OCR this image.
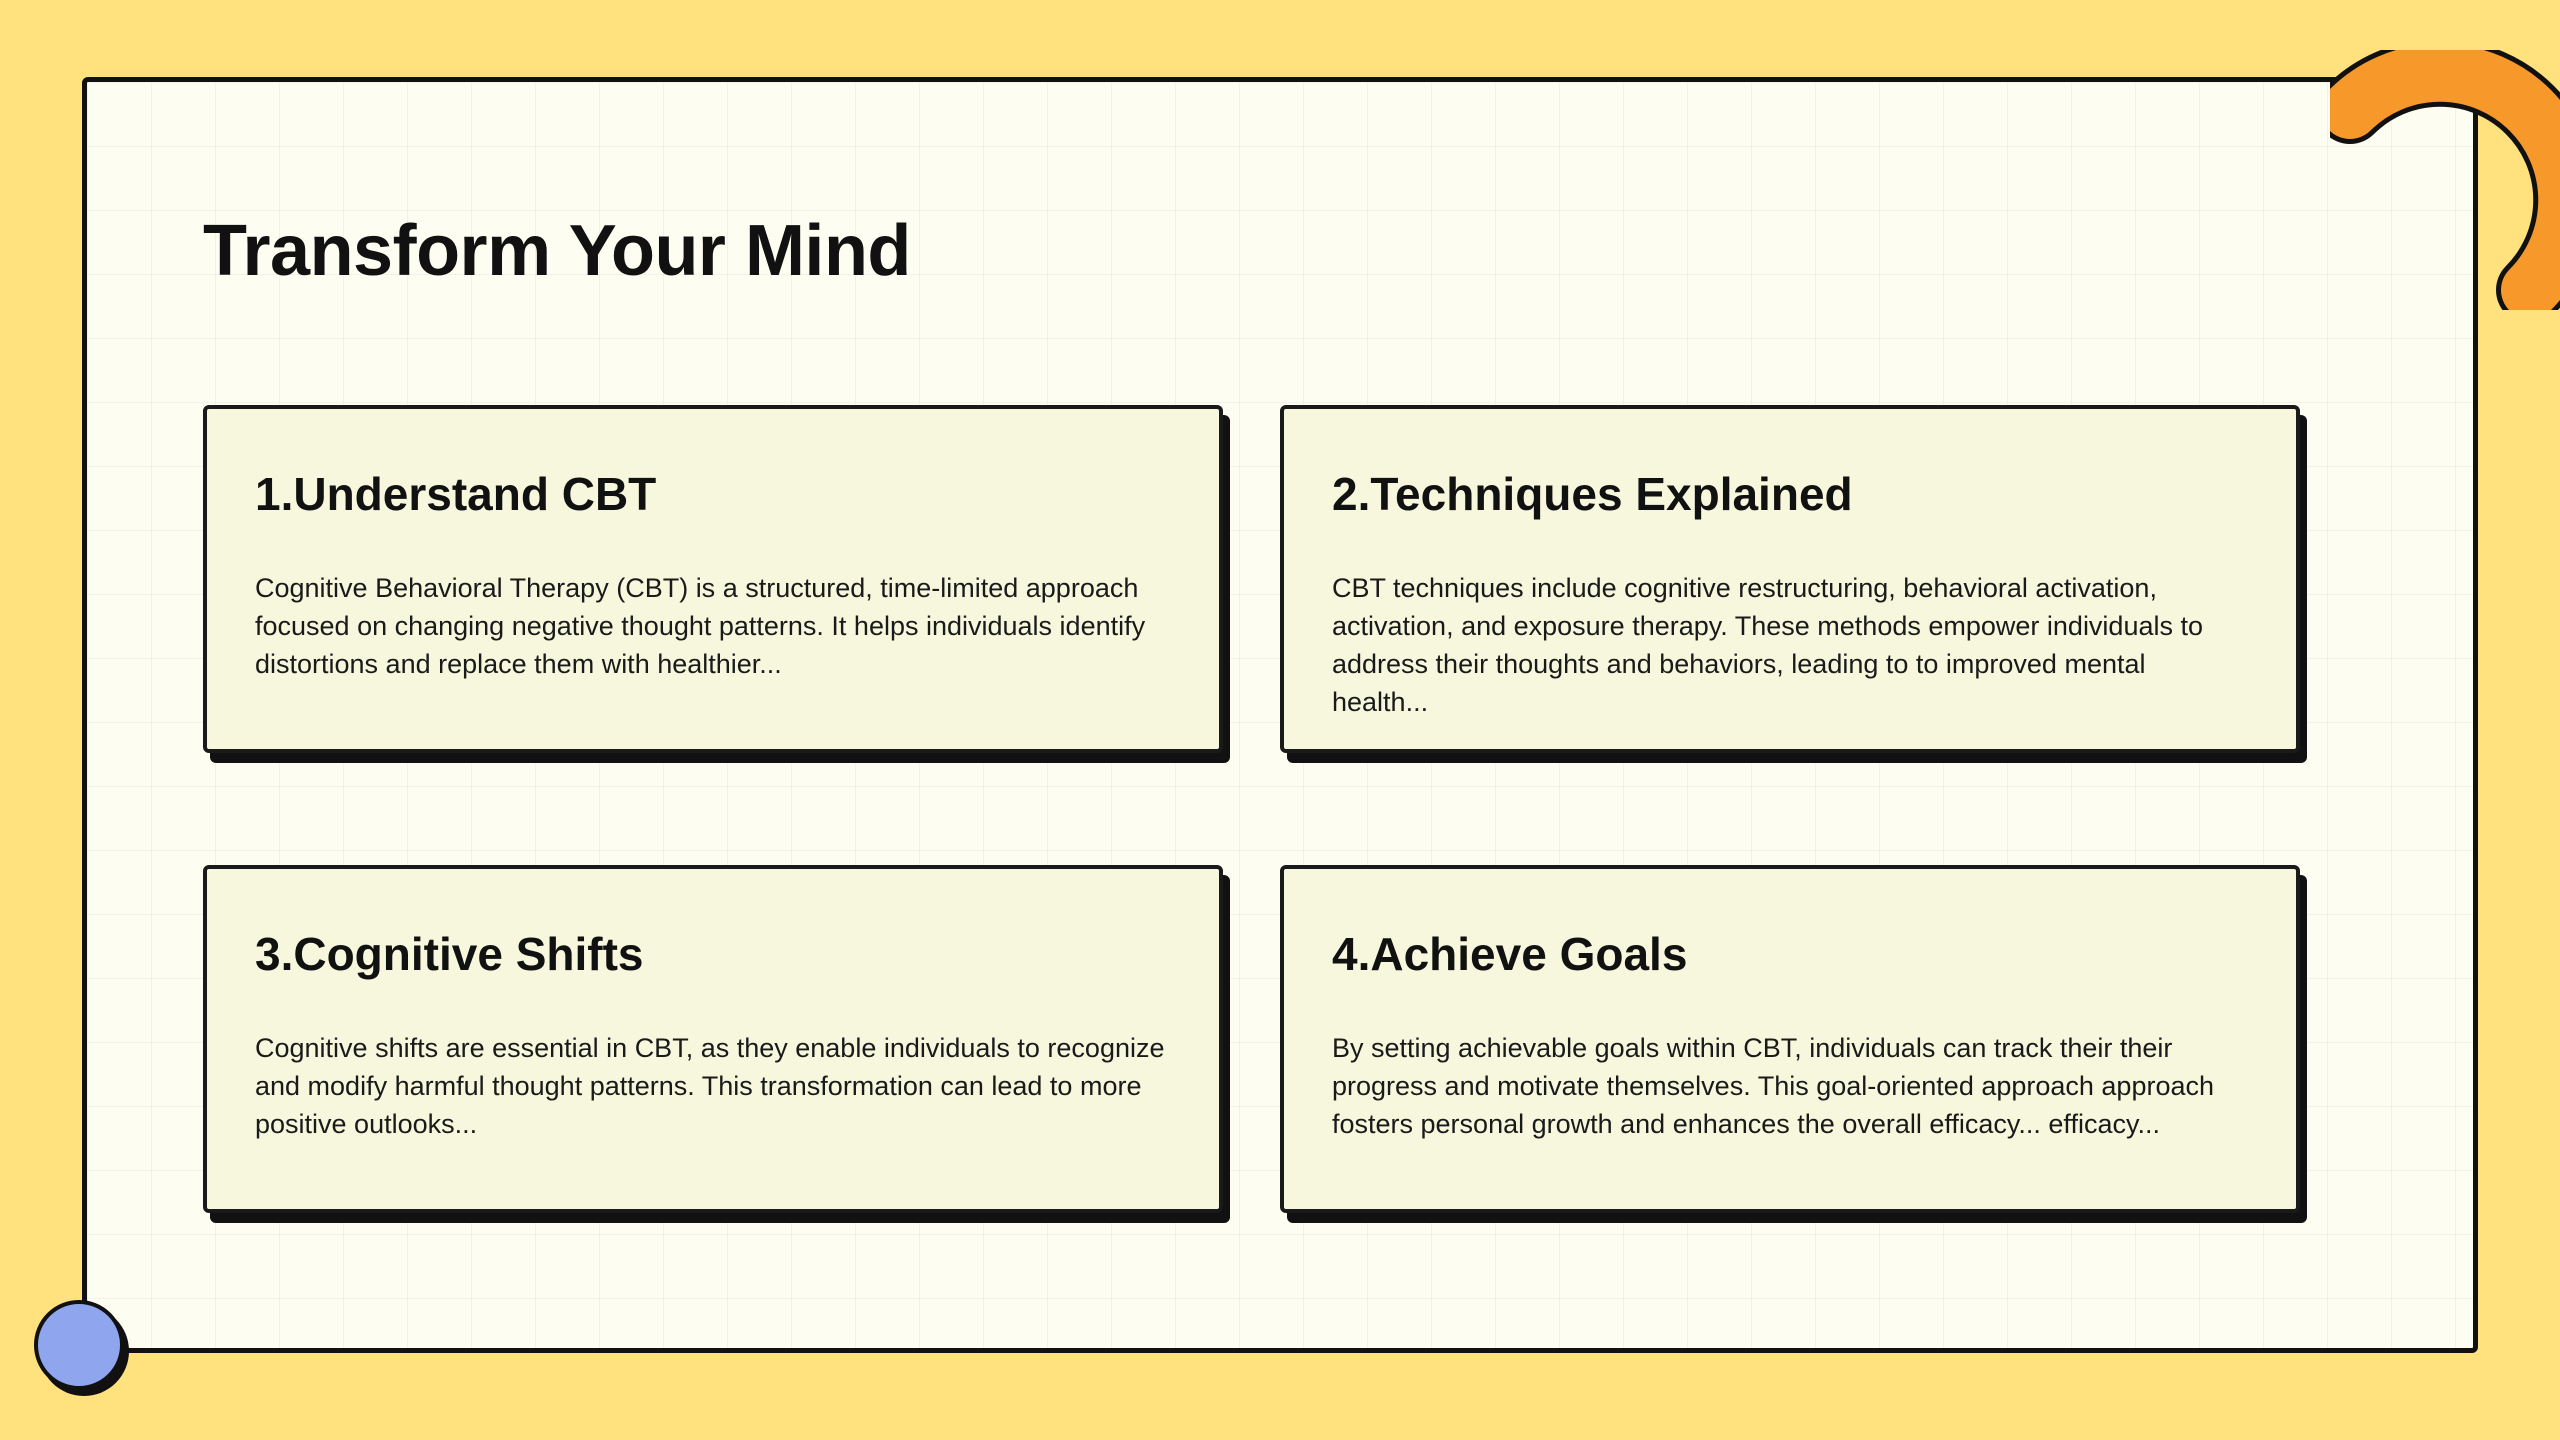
Transform Your Mind
1.Understand CBT

Cognitive Behavioral Therapy (CBT) is a structured, time-limited approach focused on changing negative thought patterns. It helps individuals identify distortions and replace them with healthier...

2.Techniques Explained

CBT techniques include cognitive restructuring, behavioral activation, activation, and exposure therapy. These methods empower individuals to address their thoughts and behaviors, leading to to improved mental health...

3.Cognitive Shifts

Cognitive shifts are essential in CBT, as they enable individuals to recognize and modify harmful thought patterns. This transformation can lead to more positive outlooks...

4.Achieve Goals

By setting achievable goals within CBT, individuals can track their their progress and motivate themselves. This goal-oriented approach approach fosters personal growth and enhances the overall efficacy... efficacy...
